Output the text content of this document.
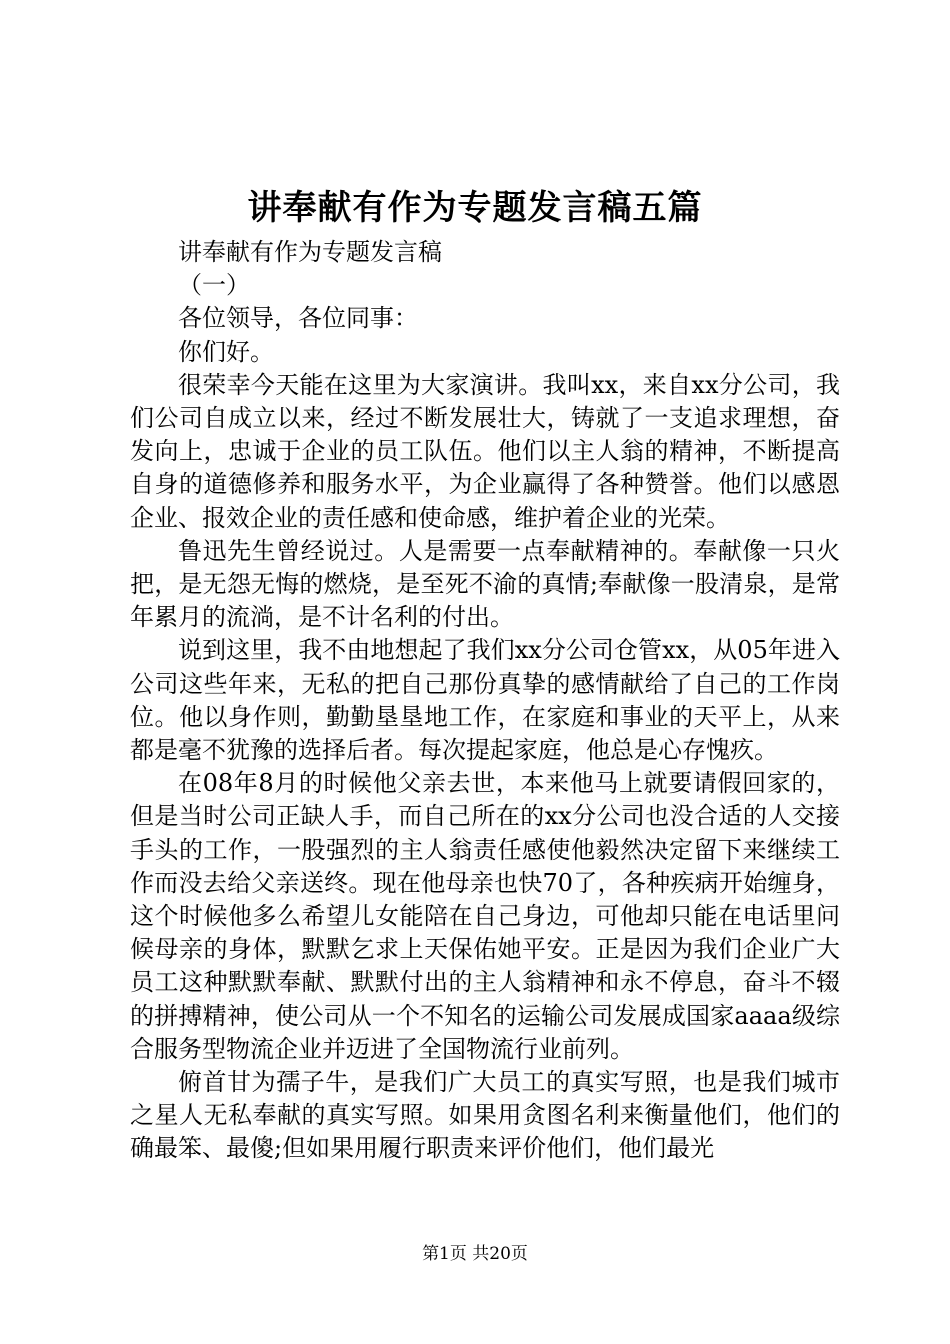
讲奉献有作为专题发言稿五篇

讲奉献有作为专题发言稿

（一）

各位领导，各位同事：

你们好。

很荣幸今天能在这里为大家演讲。我叫xx，来自xx分公司，我们公司自成立以来，经过不断发展壮大，铸就了一支追求理想，奋发向上，忠诚于企业的员工队伍。他们以主人翁的精神，不断提高自身的道德修养和服务水平，为企业赢得了各种赞誉。他们以感恩企业、报效企业的责任感和使命感，维护着企业的光荣。

鲁迅先生曾经说过。人是需要一点奉献精神的。奉献像一只火把，是无怨无悔的燃烧，是至死不渝的真情;奉献像一股清泉，是常年累月的流淌，是不计名利的付出。

说到这里，我不由地想起了我们xx分公司仓管xx，从05年进入公司这些年来，无私的把自己那份真挚的感情献给了自己的工作岗位。他以身作则，勤勤垦垦地工作，在家庭和事业的天平上，从来都是毫不犹豫的选择后者。每次提起家庭，他总是心存愧疚。

在08年8月的时候他父亲去世，本来他马上就要请假回家的，但是当时公司正缺人手，而自己所在的xx分公司也没合适的人交接手头的工作，一股强烈的主人翁责任感使他毅然决定留下来继续工作而没去给父亲送终。现在他母亲也快70了，各种疾病开始缠身，这个时候他多么希望儿女能陪在自己身边，可他却只能在电话里问候母亲的身体，默默乞求上天保佑她平安。正是因为我们企业广大员工这种默默奉献、默默付出的主人翁精神和永不停息，奋斗不辍的拼搏精神，使公司从一个不知名的运输公司发展成国家aaaa级综合服务型物流企业并迈进了全国物流行业前列。

俯首甘为孺子牛，是我们广大员工的真实写照，也是我们城市之星人无私奉献的真实写照。如果用贪图名利来衡量他们，他们的确最笨、最傻;但如果用履行职责来评价他们，他们最光

第1页 共20页
